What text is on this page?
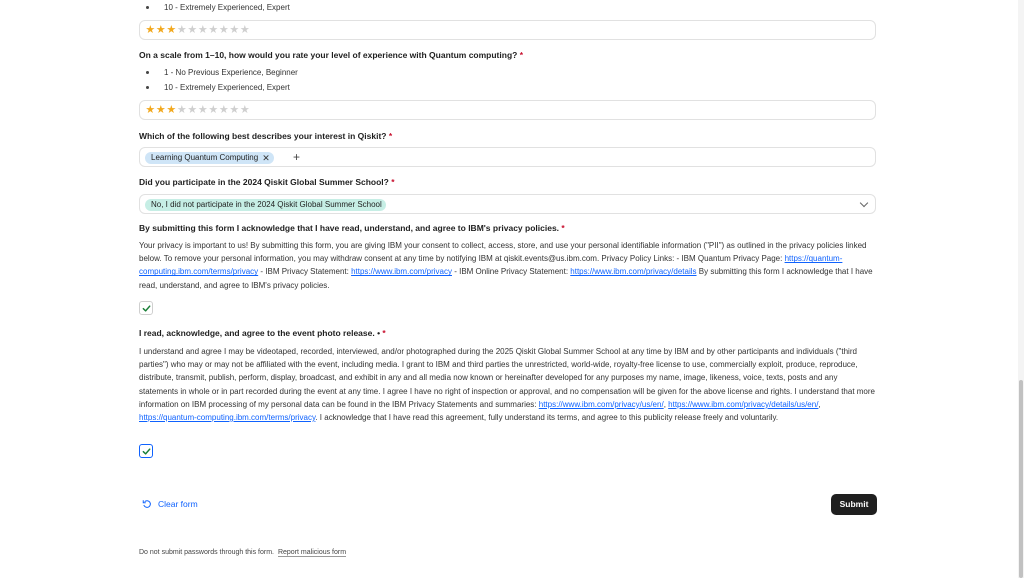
10 - Extremely Experienced, Expert
★ ★ ★ ★ ★ ★ ★ ★ ★ ★
On a scale from 1–10, how would you rate your level of experience with Quantum computing? *
1 - No Previous Experience, Beginner
10 - Extremely Experienced, Expert
★ ★ ★ ★ ★ ★ ★ ★ ★ ★
Which of the following best describes your interest in Qiskit? *
Learning Quantum Computing ✕ +
Did you participate in the 2024 Qiskit Global Summer School? *
No, I did not participate in the 2024 Qiskit Global Summer School
By submitting this form I acknowledge that I have read, understand, and agree to IBM's privacy policies. *
Your privacy is important to us! By submitting this form, you are giving IBM your consent to collect, access, store, and use your personal identifiable information ("PII") as outlined in the privacy policies linked below. To remove your personal information, you may withdraw consent at any time by notifying IBM at qiskit.events@us.ibm.com. Privacy Policy Links: - IBM Quantum Privacy Page: https://quantum-computing.ibm.com/terms/privacy - IBM Privacy Statement: https://www.ibm.com/privacy - IBM Online Privacy Statement: https://www.ibm.com/privacy/details By submitting this form I acknowledge that I have read, understand, and agree to IBM's privacy policies.
I read, acknowledge, and agree to the event photo release. • *
I understand and agree I may be videotaped, recorded, interviewed, and/or photographed during the 2025 Qiskit Global Summer School at any time by IBM and by other participants and individuals ("third parties") who may or may not be affiliated with the event, including media. I grant to IBM and third parties the unrestricted, world-wide, royalty-free license to use, commercially exploit, produce, reproduce, distribute, transmit, publish, perform, display, broadcast, and exhibit in any and all media now known or hereinafter developed for any purposes my name, image, likeness, voice, texts, posts and any statements in whole or in part recorded during the event at any time. I agree I have no right of inspection or approval, and no compensation will be given for the above license and rights. I understand that more information on IBM processing of my personal data can be found in the IBM Privacy Statements and summaries: https://www.ibm.com/privacy/us/en/, https://www.ibm.com/privacy/details/us/en/, https://quantum-computing.ibm.com/terms/privacy. I acknowledge that I have read this agreement, fully understand its terms, and agree to this publicity release freely and voluntarily.
Clear form	Submit
Do not submit passwords through this form. Report malicious form
